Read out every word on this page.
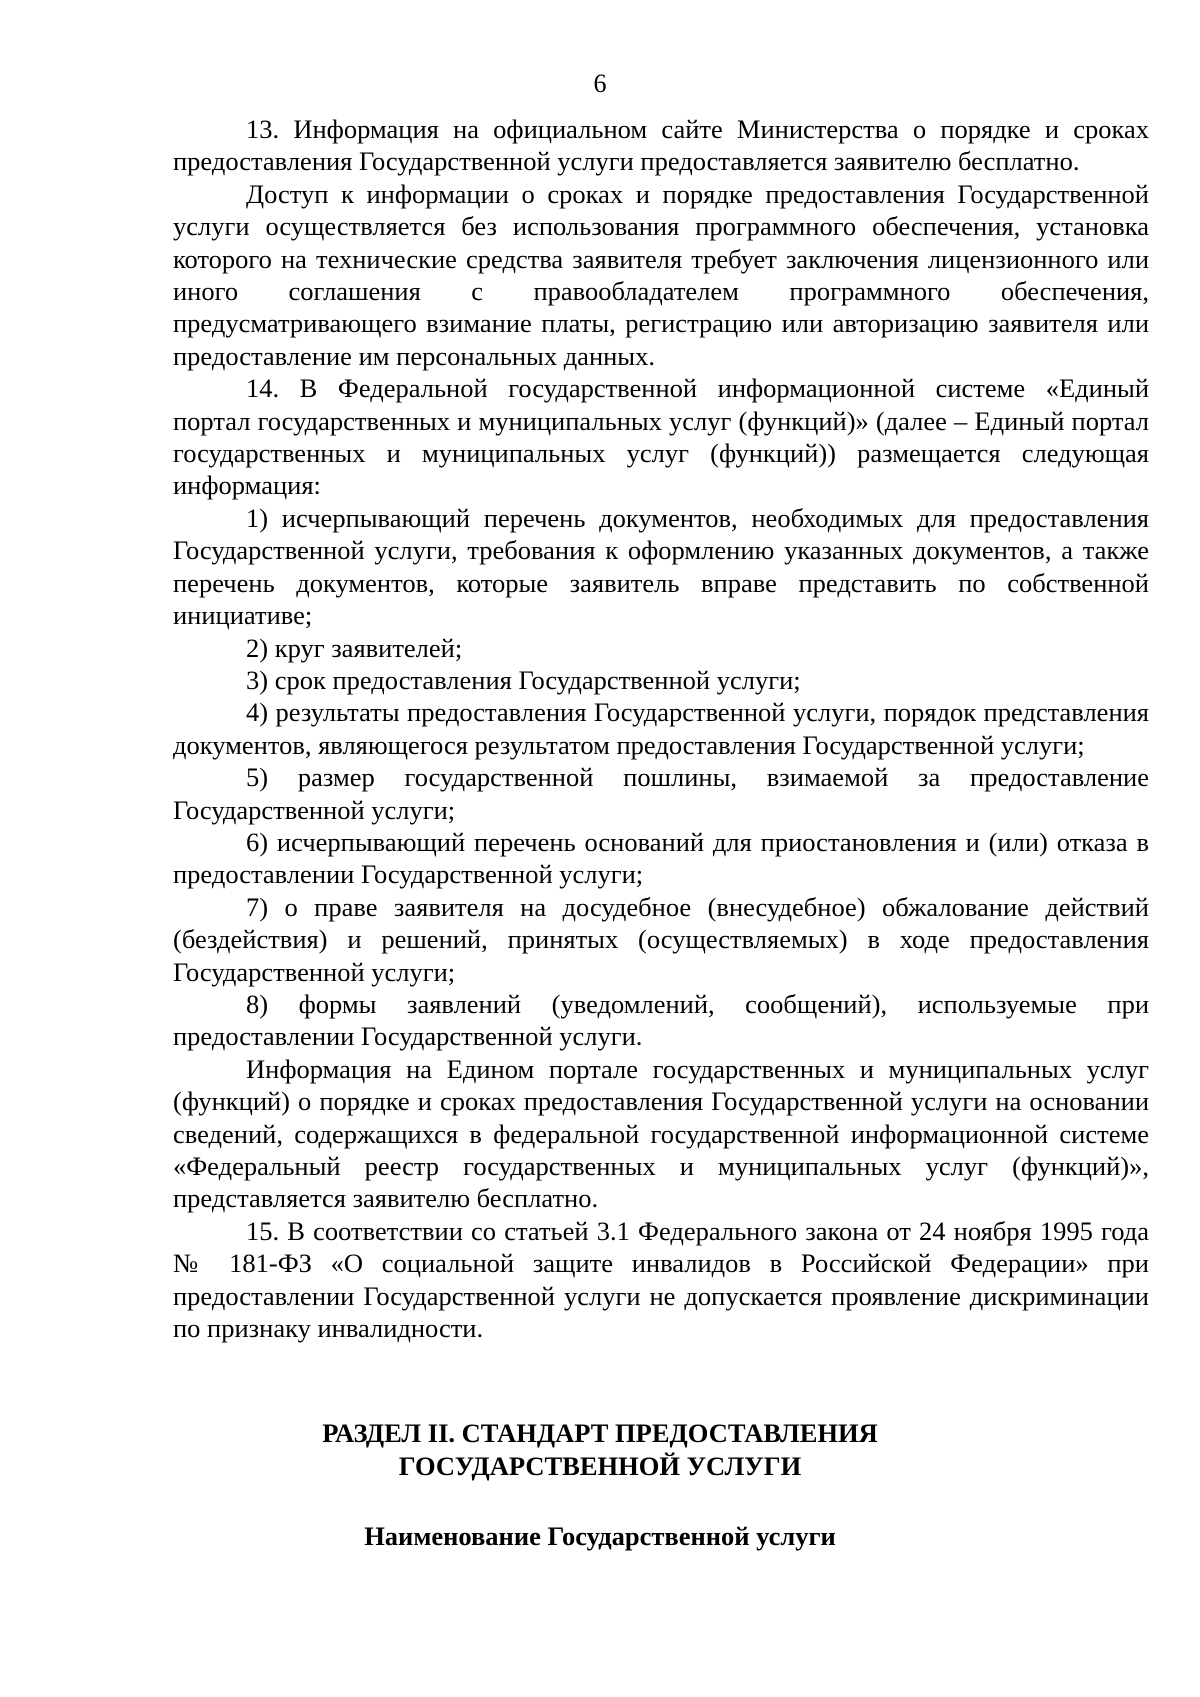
6

13. Информация на официальном сайте Министерства о порядке и сроках предоставления Государственной услуги предоставляется заявителю бесплатно.

Доступ к информации о сроках и порядке предоставления Государственной услуги осуществляется без использования программного обеспечения, установка которого на технические средства заявителя требует заключения лицензионного или иного соглашения с правообладателем программного обеспечения, предусматривающего взимание платы, регистрацию или авторизацию заявителя или предоставление им персональных данных.

14. В Федеральной государственной информационной системе «Единый портал государственных и муниципальных услуг (функций)» (далее – Единый портал государственных и муниципальных услуг (функций)) размещается следующая информация:

1) исчерпывающий перечень документов, необходимых для предоставления Государственной услуги, требования к оформлению указанных документов, а также перечень документов, которые заявитель вправе представить по собственной инициативе;

2) круг заявителей;

3) срок предоставления Государственной услуги;

4) результаты предоставления Государственной услуги, порядок представления документов, являющегося результатом предоставления Государственной услуги;

5) размер государственной пошлины, взимаемой за предоставление Государственной услуги;

6) исчерпывающий перечень оснований для приостановления и (или) отказа в предоставлении Государственной услуги;

7) о праве заявителя на досудебное (внесудебное) обжалование действий (бездействия) и решений, принятых (осуществляемых) в ходе предоставления Государственной услуги;

8) формы заявлений (уведомлений, сообщений), используемые при предоставлении Государственной услуги.

Информация на Едином портале государственных и муниципальных услуг (функций) о порядке и сроках предоставления Государственной услуги на основании сведений, содержащихся в федеральной государственной информационной системе «Федеральный реестр государственных и муниципальных услуг (функций)», представляется заявителю бесплатно.

15. В соответствии со статьей 3.1 Федерального закона от 24 ноября 1995 года № 181-ФЗ «О социальной защите инвалидов в Российской Федерации» при предоставлении Государственной услуги не допускается проявление дискриминации по признаку инвалидности.

РАЗДЕЛ II. СТАНДАРТ ПРЕДОСТАВЛЕНИЯ
ГОСУДАРСТВЕННОЙ УСЛУГИ
Наименование Государственной услуги
